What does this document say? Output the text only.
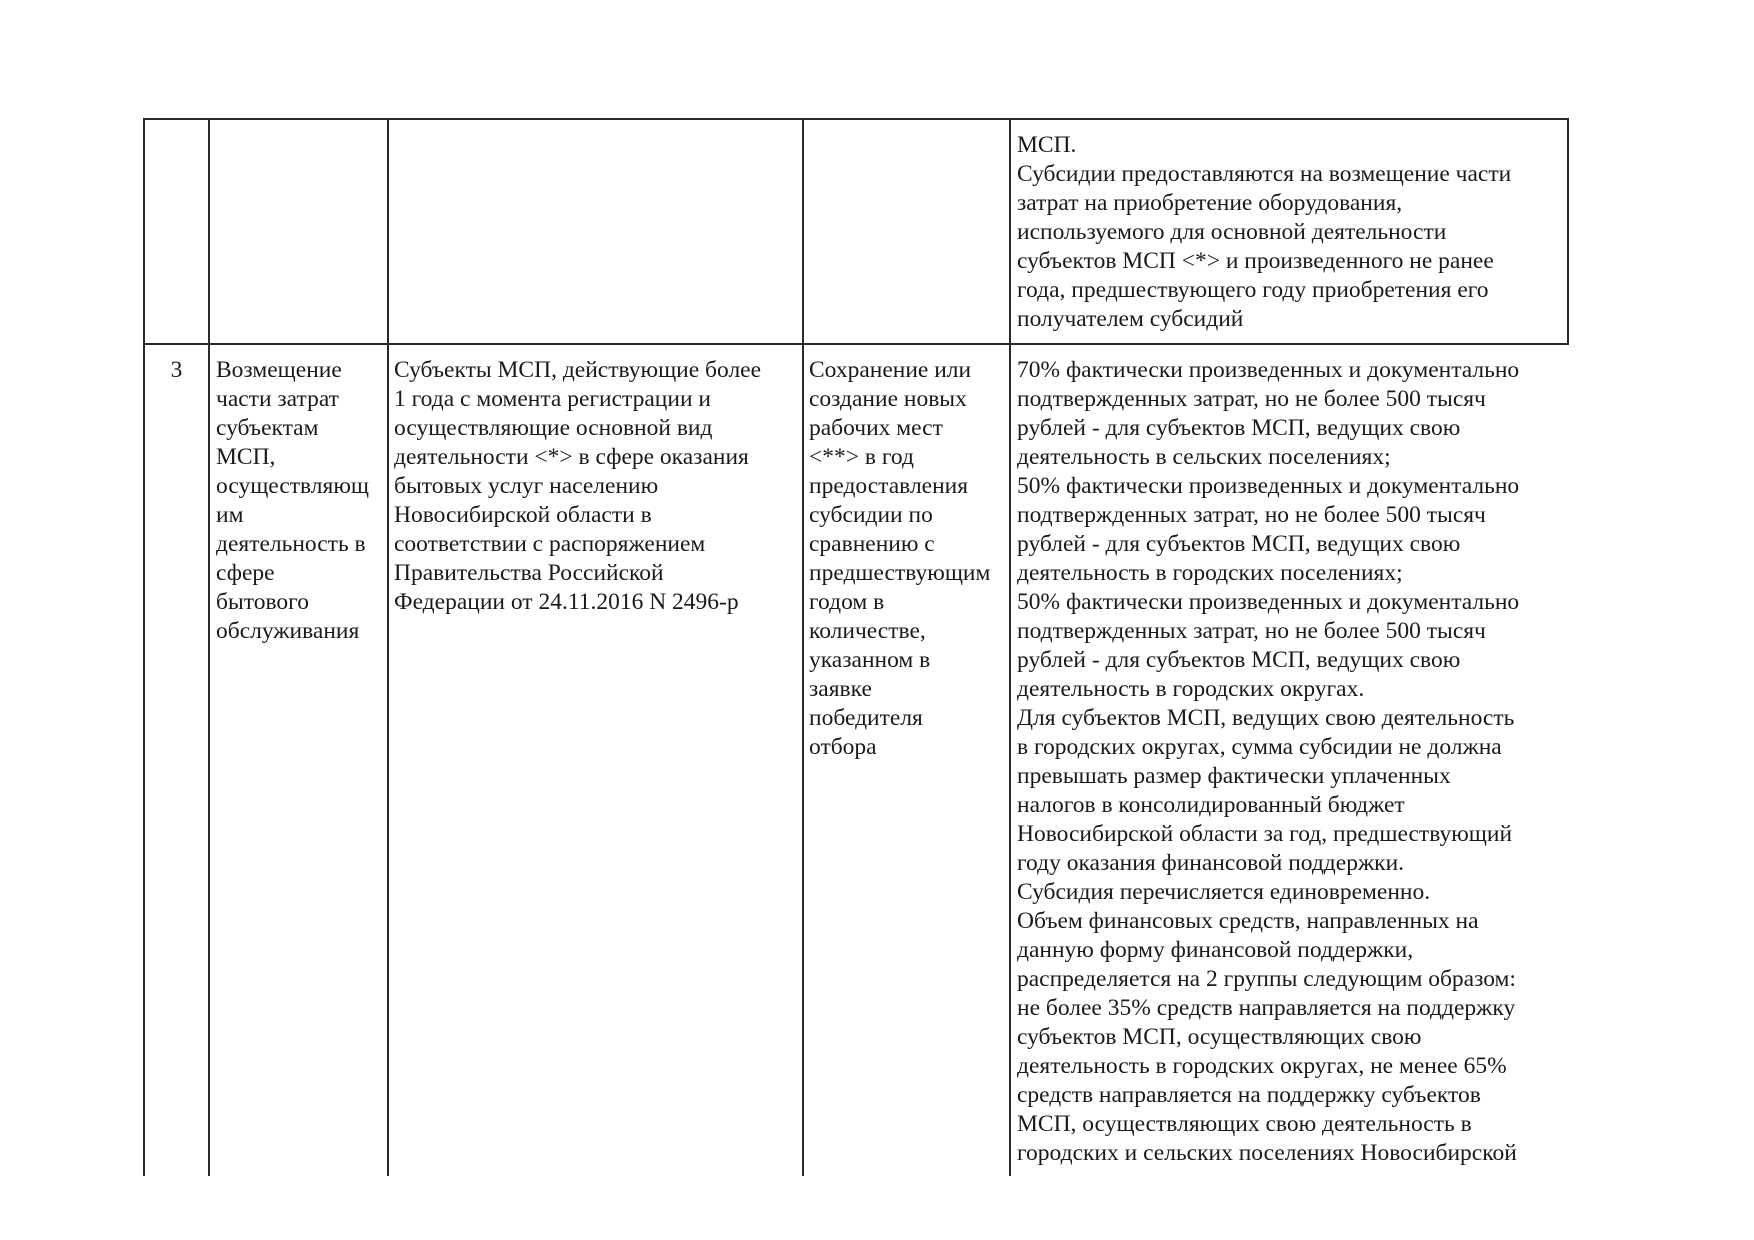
МСП.
Субсидии предоставляются на возмещение части
затрат на приобретение оборудования,
используемого для основной деятельности
субъектов МСП <*> и произведенного не ранее
года, предшествующего году приобретения его
получателем субсидий

3	Возмещение
части затрат
субъектам
МСП,
осуществляющ
им
деятельность в
сфере
бытового
обслуживания

Субъекты МСП, действующие более
1 года с момента регистрации и
осуществляющие основной вид
деятельности <*> в сфере оказания
бытовых услуг населению
Новосибирской области в
соответствии с распоряжением
Правительства Российской
Федерации от 24.11.2016 N 2496-р

Сохранение или
создание новых
рабочих мест
<**> в год
предоставления
субсидии по
сравнению с
предшествующим
годом в
количестве,
указанном в
заявке
победителя
отбора

70% фактически произведенных и документально
подтвержденных затрат, но не более 500 тысяч
рублей - для субъектов МСП, ведущих свою
деятельность в сельских поселениях;
50% фактически произведенных и документально
подтвержденных затрат, но не более 500 тысяч
рублей - для субъектов МСП, ведущих свою
деятельность в городских поселениях;
50% фактически произведенных и документально
подтвержденных затрат, но не более 500 тысяч
рублей - для субъектов МСП, ведущих свою
деятельность в городских округах.
Для субъектов МСП, ведущих свою деятельность
в городских округах, сумма субсидии не должна
превышать размер фактически уплаченных
налогов в консолидированный бюджет
Новосибирской области за год, предшествующий
году оказания финансовой поддержки.
Субсидия перечисляется единовременно.
Объем финансовых средств, направленных на
данную форму финансовой поддержки,
распределяется на 2 группы следующим образом:
не более 35% средств направляется на поддержку
субъектов МСП, осуществляющих свою
деятельность в городских округах, не менее 65%
средств направляется на поддержку субъектов
МСП, осуществляющих свою деятельность в
городских и сельских поселениях Новосибирской
